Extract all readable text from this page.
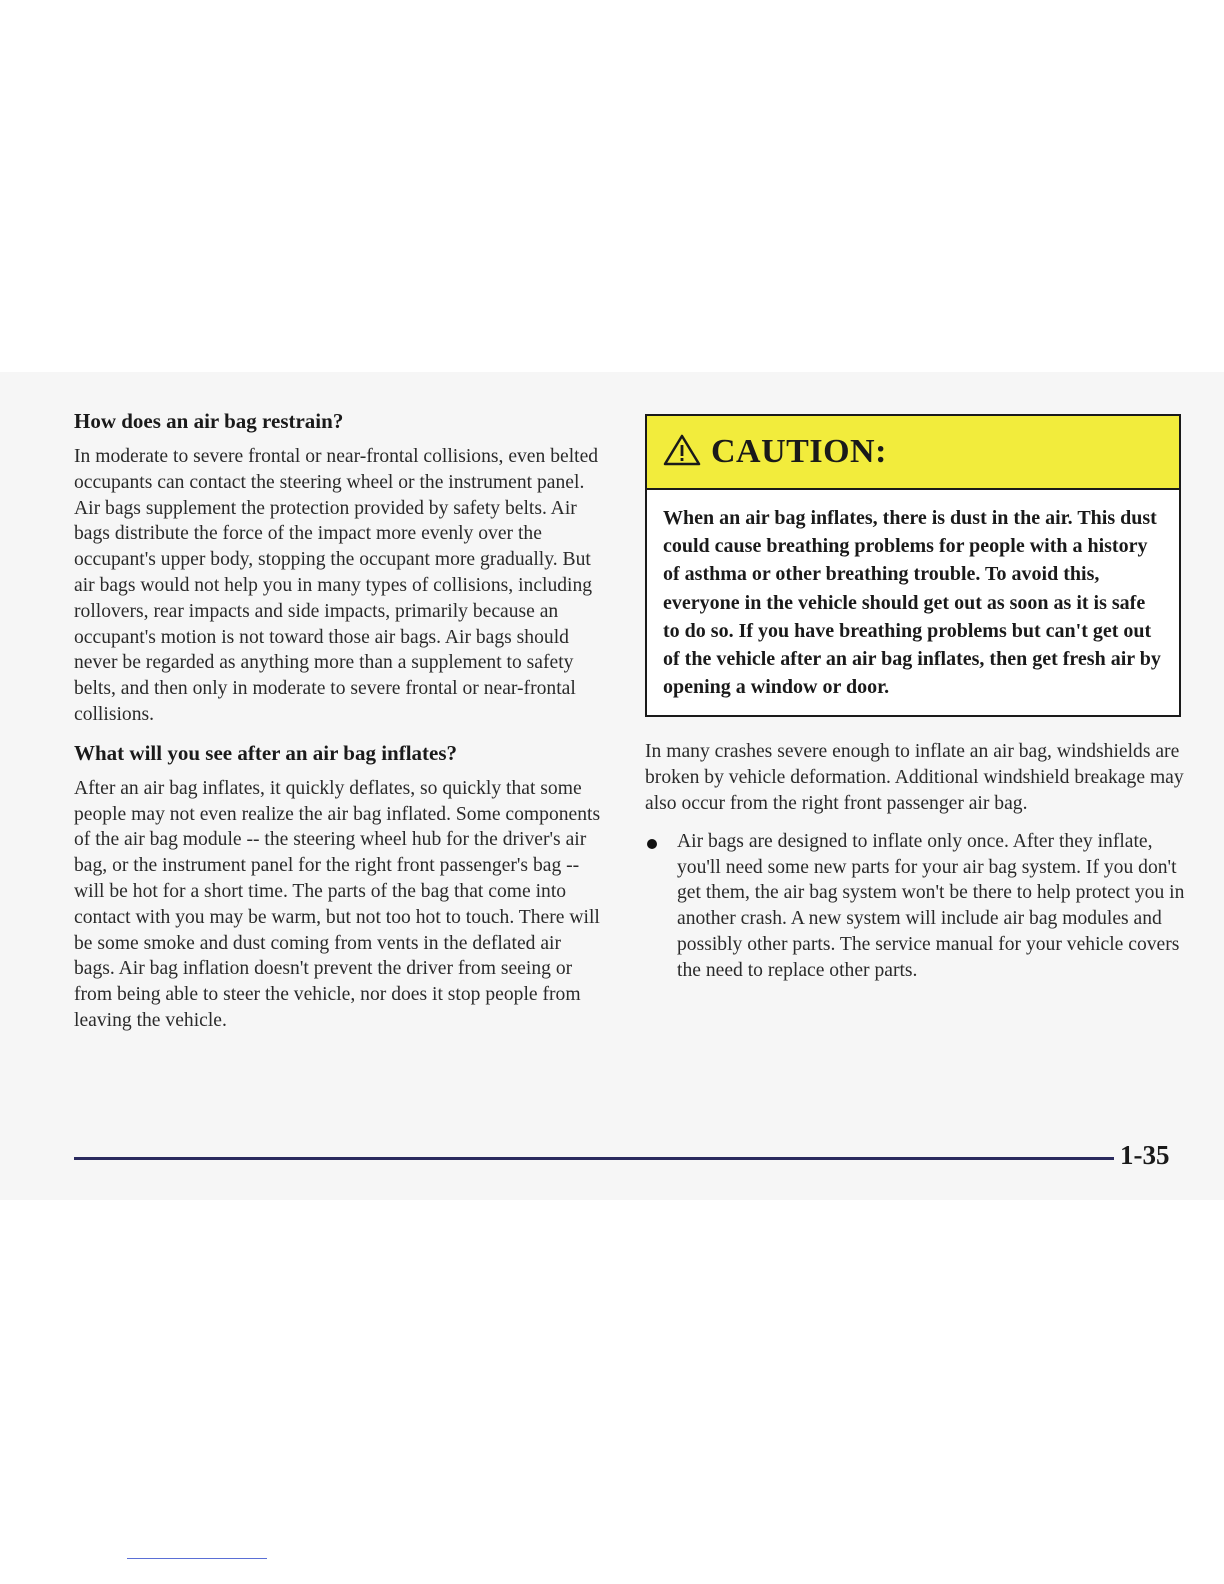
How does an air bag restrain?

In moderate to severe frontal or near-frontal collisions, even belted occupants can contact the steering wheel or the instrument panel. Air bags supplement the protection provided by safety belts. Air bags distribute the force of the impact more evenly over the occupant's upper body, stopping the occupant more gradually. But air bags would not help you in many types of collisions, including rollovers, rear impacts and side impacts, primarily because an occupant's motion is not toward those air bags. Air bags should never be regarded as anything more than a supplement to safety belts, and then only in moderate to severe frontal or near-frontal collisions.

What will you see after an air bag inflates?

After an air bag inflates, it quickly deflates, so quickly that some people may not even realize the air bag inflated. Some components of the air bag module -- the steering wheel hub for the driver's air bag, or the instrument panel for the right front passenger's bag -- will be hot for a short time. The parts of the bag that come into contact with you may be warm, but not too hot to touch. There will be some smoke and dust coming from vents in the deflated air bags. Air bag inflation doesn't prevent the driver from seeing or from being able to steer the vehicle, nor does it stop people from leaving the vehicle.

CAUTION:
When an air bag inflates, there is dust in the air. This dust could cause breathing problems for people with a history of asthma or other breathing trouble. To avoid this, everyone in the vehicle should get out as soon as it is safe to do so. If you have breathing problems but can't get out of the vehicle after an air bag inflates, then get fresh air by opening a window or door.

In many crashes severe enough to inflate an air bag, windshields are broken by vehicle deformation. Additional windshield breakage may also occur from the right front passenger air bag.

Air bags are designed to inflate only once. After they inflate, you'll need some new parts for your air bag system. If you don't get them, the air bag system won't be there to help protect you in another crash. A new system will include air bag modules and possibly other parts. The service manual for your vehicle covers the need to replace other parts.
1-35
